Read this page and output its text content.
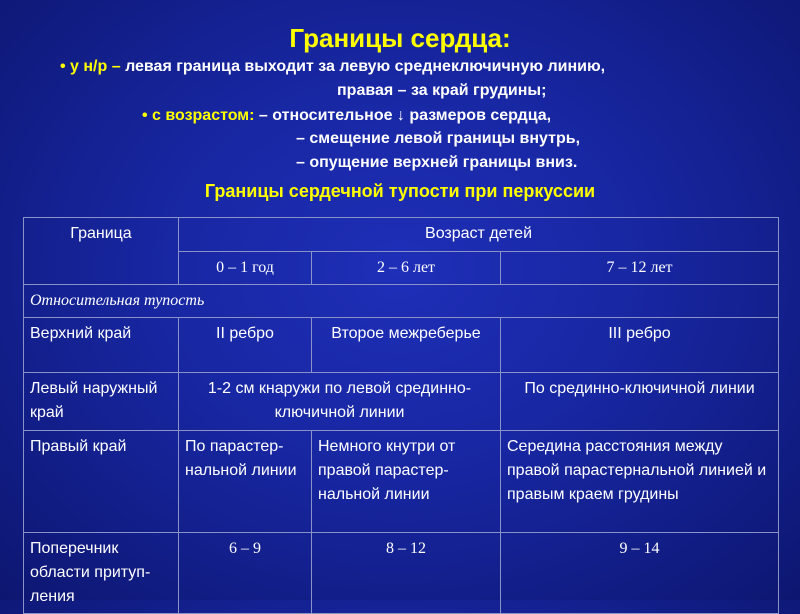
Границы сердца:
• у н/р – левая граница выходит за левую среднеключичную линию,
правая – за край грудины;
• с возрастом: – относительное ↓ размеров сердца,
– смещение левой границы внутрь,
– опущение верхней границы вниз.
Границы сердечной тупости при перкуссии
Граница	Возраст детей		
	0 – 1 год	2 – 6 лет	7 – 12 лет
Относительная тупость			
Верхний край	II ребро	Второе межреберье	III ребро
Левый наружный край	1-2 см кнаружи по левой срединно-ключичной линии		По срединно-ключичной линии
Правый край	По парастер-нальной линии	Немного кнутри от правой парастер-нальной линии	Середина расстояния между правой парастернальной линией и правым краем грудины
Поперечник области притуп-ления	6 – 9	8 – 12	9 – 14
